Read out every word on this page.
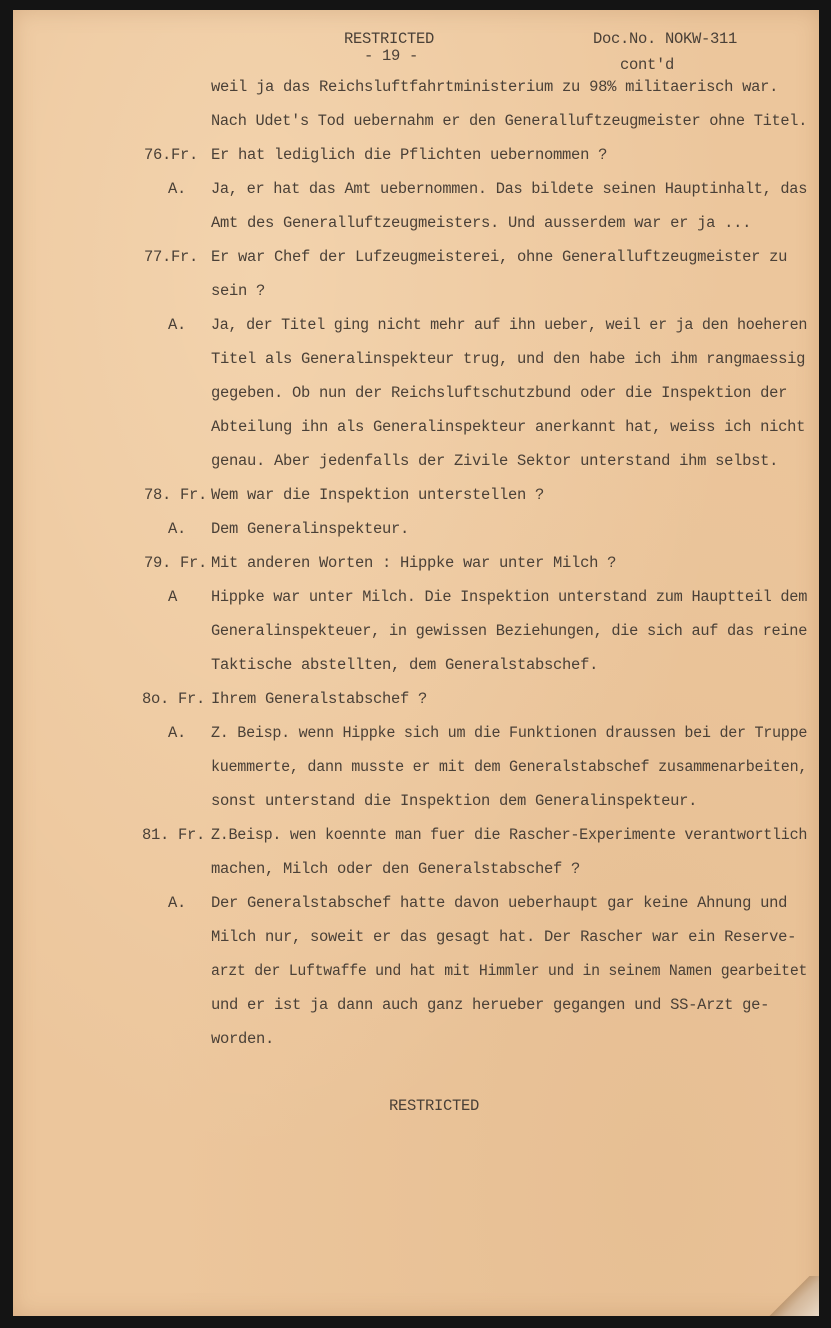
RESTRICTED
- 19 -
Doc.No. NOKW-311
cont'd
weil ja das Reichsluftfahrtministerium zu 98% militaerisch war.
Nach Udet's Tod uebernahm er den Generalluftzeugmeister ohne Titel.
76.Fr. Er hat lediglich die Pflichten uebernommen ?
A. Ja, er hat das Amt uebernommen. Das bildete seinen Hauptinhalt, das
Amt des Generalluftzeugmeisters. Und ausserdem war er ja ...
77.Fr. Er war Chef der Lufzeugmeisterei, ohne Generalluftzeugmeister zu
sein ?
A. Ja, der Titel ging nicht mehr auf ihn ueber, weil er ja den hoeheren
Titel als Generalinspekteur trug, und den habe ich ihm rangmaessig
gegeben. Ob nun der Reichsluftschutzbund oder die Inspektion der
Abteilung ihn als Generalinspekteur anerkannt hat, weiss ich nicht
genau. Aber jedenfalls der Zivile Sektor unterstand ihm selbst.
78. Fr. Wem war die Inspektion unterstellen ?
A. Dem Generalinspekteur.
79. Fr. Mit anderen Worten : Hippke war unter Milch ?
A Hippke war unter Milch. Die Inspektion unterstand zum Hauptteil dem
Generalinspekteuer, in gewissen Beziehungen, die sich auf das reine
Taktische abstellten, dem Generalstabschef.
8o. Fr. Ihrem Generalstabschef ?
A. Z. Beisp. wenn Hippke sich um die Funktionen draussen bei der Truppe
kuemmerte, dann musste er mit dem Generalstabschef zusammenarbeiten,
sonst unterstand die Inspektion dem Generalinspekteur.
81. Fr. Z.Beisp. wen koennte man fuer die Rascher-Experimente verantwortlich
machen, Milch oder den Generalstabschef ?
A. Der Generalstabschef hatte davon ueberhaupt gar keine Ahnung und
Milch nur, soweit er das gesagt hat. Der Rascher war ein Reserve-
arzt der Luftwaffe und hat mit Himmler und in seinem Namen gearbeitet
und er ist ja dann auch ganz herueber gegangen und SS-Arzt ge-
worden.
RESTRICTED
